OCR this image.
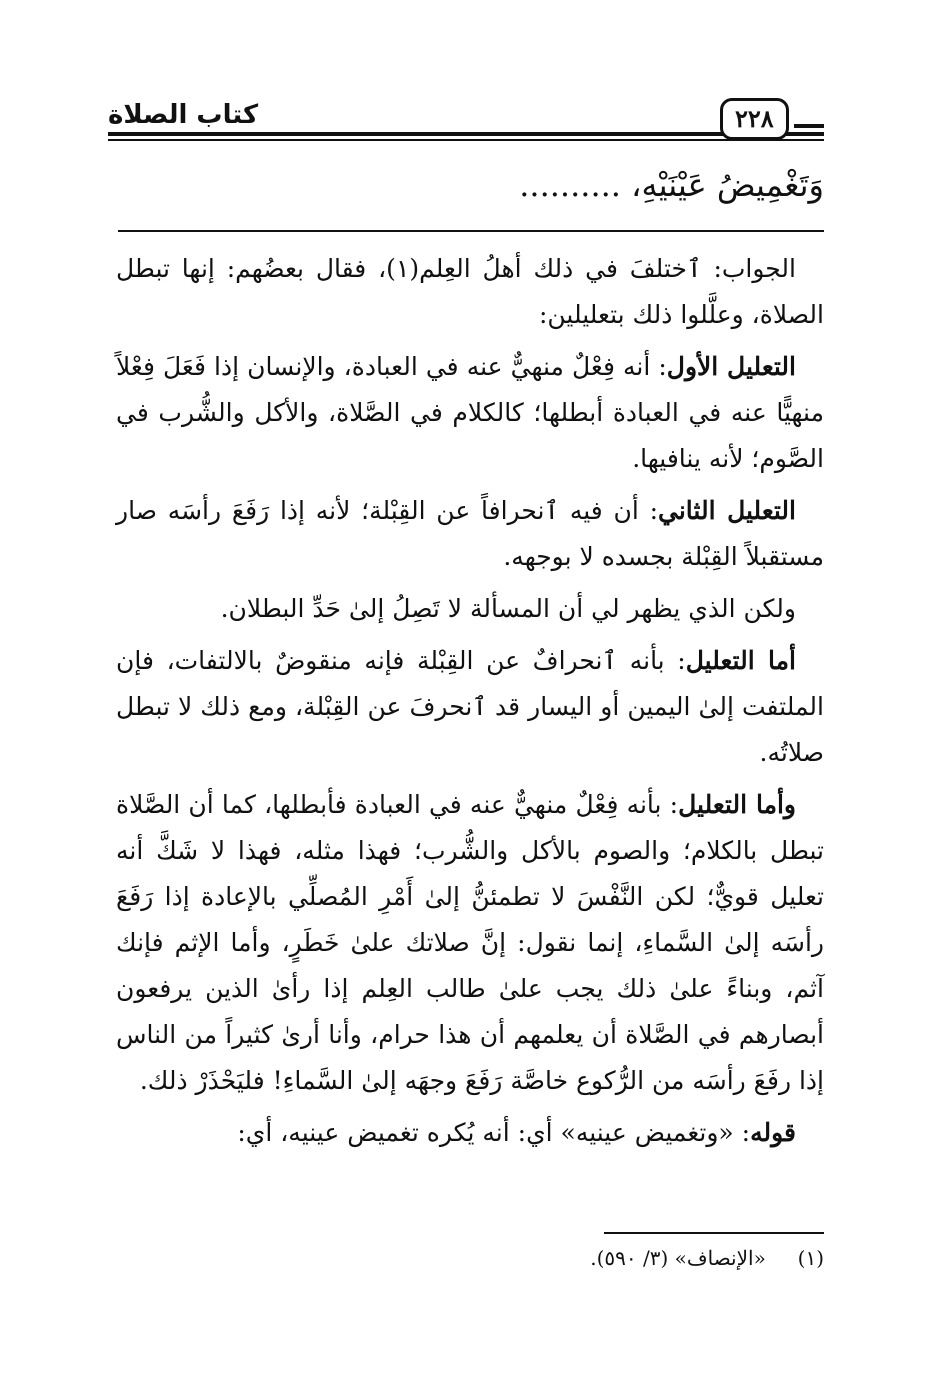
كتاب الصلاة	٢٢٨
وَتَغْمِيضُ عَيْنَيْهِ، ..........

الجواب: ٱختلفَ في ذلك أهلُ العِلم(١)، فقال بعضُهم: إنها تبطل الصلاة، وعلَّلوا ذلك بتعليلين:

التعليل الأول: أنه فِعْلٌ منهيٌّ عنه في العبادة، والإنسان إذا فَعَلَ فِعْلاً منهيًّا عنه في العبادة أبطلها؛ كالكلام في الصَّلاة، والأكل والشُّرب في الصَّوم؛ لأنه ينافيها.

التعليل الثاني: أن فيه ٱنحرافاً عن القِبْلة؛ لأنه إذا رَفَعَ رأسَه صار مستقبلاً القِبْلة بجسده لا بوجهه.

ولكن الذي يظهر لي أن المسألة لا تَصِلُ إلىٰ حَدِّ البطلان.

أما التعليل: بأنه ٱنحرافٌ عن القِبْلة فإنه منقوضٌ بالالتفات، فإن الملتفت إلىٰ اليمين أو اليسار قد ٱنحرفَ عن القِبْلة، ومع ذلك لا تبطل صلاتُه.

وأما التعليل: بأنه فِعْلٌ منهيٌّ عنه في العبادة فأبطلها، كما أن الصَّلاة تبطل بالكلام؛ والصوم بالأكل والشُّرب؛ فهذا مثله، فهذا لا شَكَّ أنه تعليل قويٌّ؛ لكن النَّفْسَ لا تطمئنُّ إلىٰ أَمْرِ المُصلِّي بالإعادة إذا رَفَعَ رأسَه إلىٰ السَّماءِ، إنما نقول: إنَّ صلاتك علىٰ خَطَرٍ، وأما الإثم فإنك آثم، وبناءً علىٰ ذلك يجب علىٰ طالب العِلم إذا رأىٰ الذين يرفعون أبصارهم في الصَّلاة أن يعلمهم أن هذا حرام، وأنا أرىٰ كثيراً من الناس إذا رفَعَ رأسَه من الرُّكوع خاصَّة رَفَعَ وجهَه إلىٰ السَّماءِ! فليَحْذَرْ ذلك.

قوله: «وتغميض عينيه» أي: أنه يُكره تغميض عينيه، أي:

(١)     «الإنصاف» (٣/ ٥٩٠).
